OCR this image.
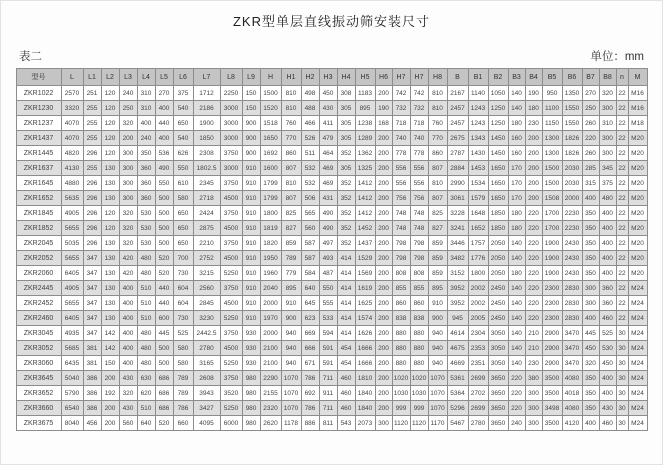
ZKR型单层直线振动筛安装尺寸
表二	单位：mm
型号	L	L1	L2	L3	L4	L5	L6	L7	L8	L9	H	H1	H2	H3	H4	H5	H6	H7	H7	H8	B	B1	B2	B3	B4	B5	B6	B7	B8	n	M
ZKR1022	2570	251	120	240	310	270	375	1712	2250	150	1500	810	498	450	308	1183	200	742	742	810	2167	1140	1050	140	190	950	1350	270	320	22	M16
ZKR1230	3320	255	120	250	310	400	540	2186	3000	150	1520	810	488	430	305	895	190	732	732	810	2457	1243	1250	140	180	1100	1550	250	300	22	M16
ZKR1237	4070	255	120	320	400	440	650	1900	3000	900	1518	760	466	411	305	1238	168	718	718	760	2457	1243	1250	180	230	1150	1550	260	310	22	M18
ZKR1437	4070	255	120	200	240	400	540	1850	3000	900	1650	770	526	479	305	1289	200	740	740	770	2675	1343	1450	160	200	1300	1826	220	300	22	M20
ZKR1445	4820	296	120	300	350	536	626	2308	3750	900	1692	860	511	464	352	1362	200	778	778	860	2787	1430	1450	160	200	1300	1826	260	300	22	M20
ZKR1637	4130	255	130	300	360	490	550	1802.5	3000	910	1600	807	532	469	305	1325	200	556	556	807	2884	1453	1650	170	200	1500	2030	285	345	22	M20
ZKR1645	4880	296	130	300	360	550	610	2345	3750	910	1799	810	532	469	352	1412	200	556	556	810	2990	1534	1650	170	200	1500	2030	315	375	22	M20
ZKR1652	5635	296	130	300	360	500	580	2718	4500	910	1799	807	506	431	352	1412	200	756	756	807	3061	1579	1650	170	200	1508	2000	400	480	22	M20
ZKR1845	4905	296	120	320	530	500	650	2424	3750	910	1800	825	565	490	352	1412	200	748	748	825	3228	1648	1850	180	220	1700	2230	350	400	22	M20
ZKR1852	5655	296	120	320	530	500	650	2875	4500	910	1819	827	560	490	352	1452	200	748	748	827	3241	1652	1850	180	220	1700	2230	350	400	22	M20
ZKR2045	5035	296	130	320	530	500	650	2210	3750	910	1820	859	587	497	352	1437	200	798	798	859	3446	1757	2050	140	220	1900	2430	350	400	22	M20
ZKR2052	5655	347	130	420	480	520	700	2752	4500	910	1950	789	587	493	414	1529	200	798	798	859	3482	1776	2050	140	220	1900	2430	350	400	22	M20
ZKR2060	6405	347	130	420	480	520	730	3215	5250	910	1960	779	584	487	414	1569	200	808	808	859	3152	1800	2050	180	220	1900	2430	350	400	22	M20
ZKR2445	4905	347	130	400	510	440	604	2560	3750	910	2040	895	640	550	414	1619	200	855	855	895	3952	2002	2450	140	220	2300	2830	300	360	22	M24
ZKR2452	5655	347	130	400	510	440	604	2845	4500	910	2000	910	645	555	414	1625	200	860	860	910	3952	2002	2450	140	220	2300	2830	300	360	22	M24
ZKR2460	6405	347	130	400	510	600	730	3230	5250	910	1970	900	623	533	414	1574	200	838	838	900	945	2005	2450	140	220	2300	2830	400	460	22	M24
ZKR3045	4935	347	142	400	480	445	525	2442.5	3750	930	2000	940	669	594	414	1626	200	880	880	940	4614	2304	3050	140	210	2900	3470	445	525	30	M24
ZKR3052	5685	381	142	400	480	500	580	2780	4500	930	2100	940	666	591	454	1666	200	880	880	940	4675	2353	3050	140	210	2900	3470	450	530	30	M24
ZKR3060	6435	381	150	400	480	500	580	3165	5250	930	2100	940	671	591	454	1666	200	880	880	940	4669	2351	3050	140	230	2900	3470	320	450	30	M24
ZKR3645	5040	386	200	430	630	686	789	2608	3750	980	2290	1070	786	711	460	1810	200	1020	1020	1070	5361	2699	3650	220	380	3500	4080	350	400	30	M24
ZKR3652	5790	386	192	320	620	686	789	3943	3520	980	2155	1070	692	911	460	1840	200	1030	1030	1070	5364	2702	3650	220	300	3500	4018	350	400	30	M24
ZKR3660	6540	386	200	430	510	686	786	3427	5250	980	2320	1070	786	711	460	1840	200	999	999	1070	5296	2699	3650	220	300	3498	4080	350	430	30	M24
ZKR3675	8040	456	200	560	640	520	660	4095	6000	980	2620	1178	886	811	543	2073	300	1120	1120	1170	5467	2780	3650	240	300	3500	4120	400	460	30	M24
